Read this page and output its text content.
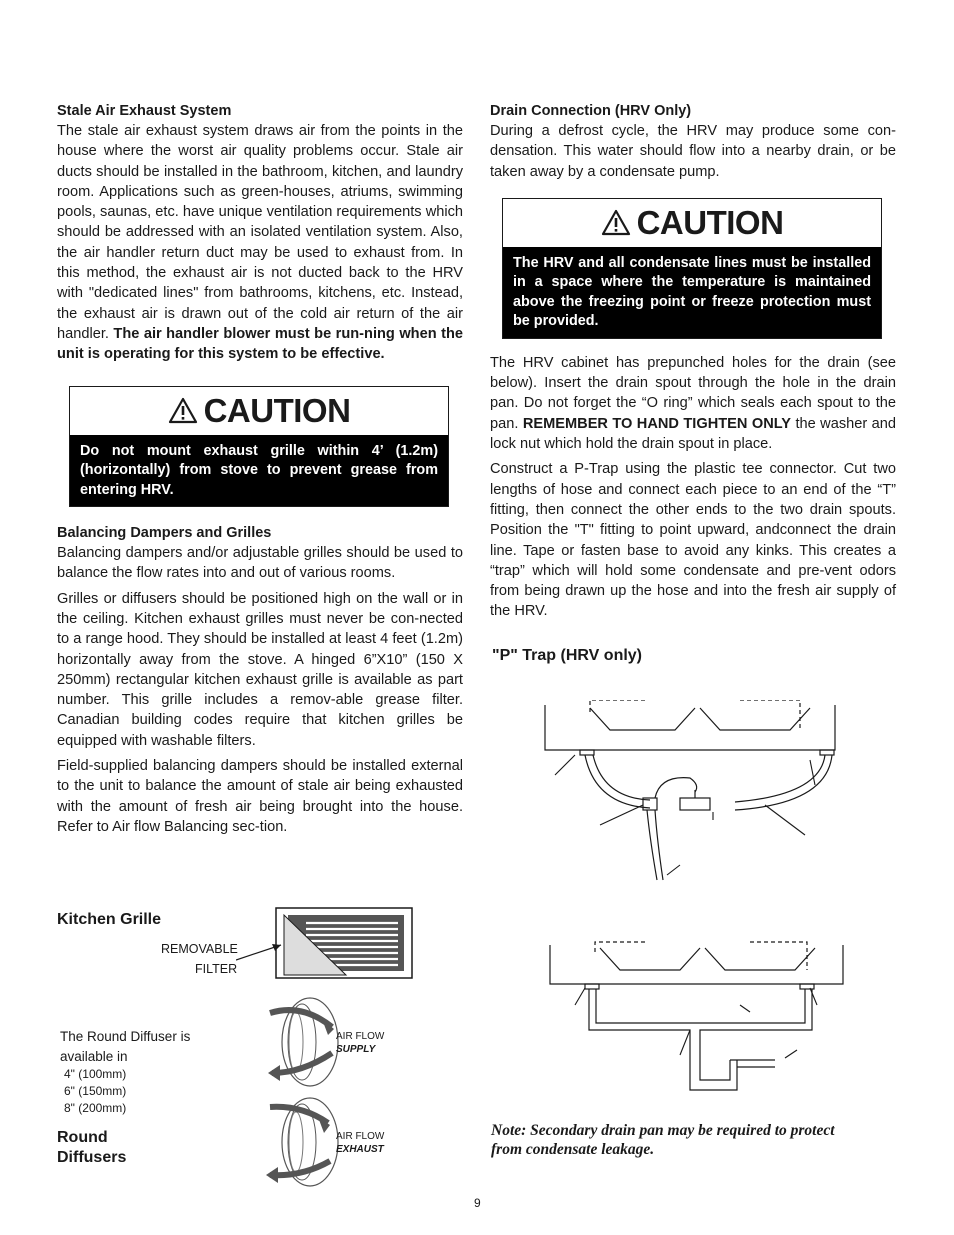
Stale Air Exhaust System

The stale air exhaust system draws air from the points in the house where the worst air quality problems occur. Stale air ducts should be installed in the bathroom, kitchen, and laundry room. Applications such as green-houses, atriums, swimming pools, saunas, etc. have unique ventilation requirements which should be addressed with an isolated ventilation system. Also, the air handler return duct may be used to exhaust from. In this method, the exhaust air is not ducted back to the HRV with "dedicated lines" from bathrooms, kitchens, etc. Instead, the exhaust air is drawn out of the cold air return of the air handler. The air handler blower must be run-ning when the unit is operating for this system to be effective.

CAUTION
Do not mount exhaust grille within 4’ (1.2m) (horizontally) from stove to prevent grease from entering HRV.
Balancing Dampers and Grilles

Balancing dampers and/or adjustable grilles should be used to balance the flow rates into and out of various rooms.

Grilles or diffusers should be positioned high on the wall or in the ceiling. Kitchen exhaust grilles must never be con-nected to a range hood. They should be installed at least 4 feet (1.2m) horizontally away from the stove. A hinged 6”X10” (150 X 250mm) rectangular kitchen exhaust grille is available as part number. This grille includes a remov-able grease filter. Canadian building codes require that kitchen grilles be equipped with washable filters.

Field-supplied balancing dampers should be installed external to the unit to balance the amount of stale air being exhausted with the amount of fresh air being brought into the house. Refer to Air flow Balancing sec-tion.

Kitchen Grille
REMOVABLE
FILTER
The Round Diffuser is
available in
4" (100mm)
6" (150mm)
8" (200mm)
Round
Diffusers
AIR FLOW
SUPPLY
AIR FLOW
EXHAUST
Drain Connection (HRV Only)

During a defrost cycle, the HRV may produce some con-densation. This water should flow into a nearby drain, or be taken away by a condensate pump.

CAUTION
The HRV and all condensate lines must be installed in a space where the temperature is maintained above the freezing point or freeze protection must be provided.

The HRV cabinet has prepunched holes for the drain (see below). Insert the drain spout through the hole in the drain pan. Do not forget the “O ring” which seals each spout to the pan. REMEMBER TO HAND TIGHTEN ONLY the washer and lock nut which hold the drain spout in place.

Construct a P-Trap using the plastic tee connector. Cut two lengths of hose and connect each piece to an end of the “T” fitting, then connect the other ends to the two drain spouts. Position the "T" fitting to point upward, andconnect the drain line. Tape or fasten base to avoid any kinks. This creates a “trap” which will hold some condensate and pre-vent odors from being drawn up the hose and into the fresh air supply of the HRV.

"P" Trap (HRV only)
Note: Secondary drain pan may be required to protect from condensate leakage.
9
